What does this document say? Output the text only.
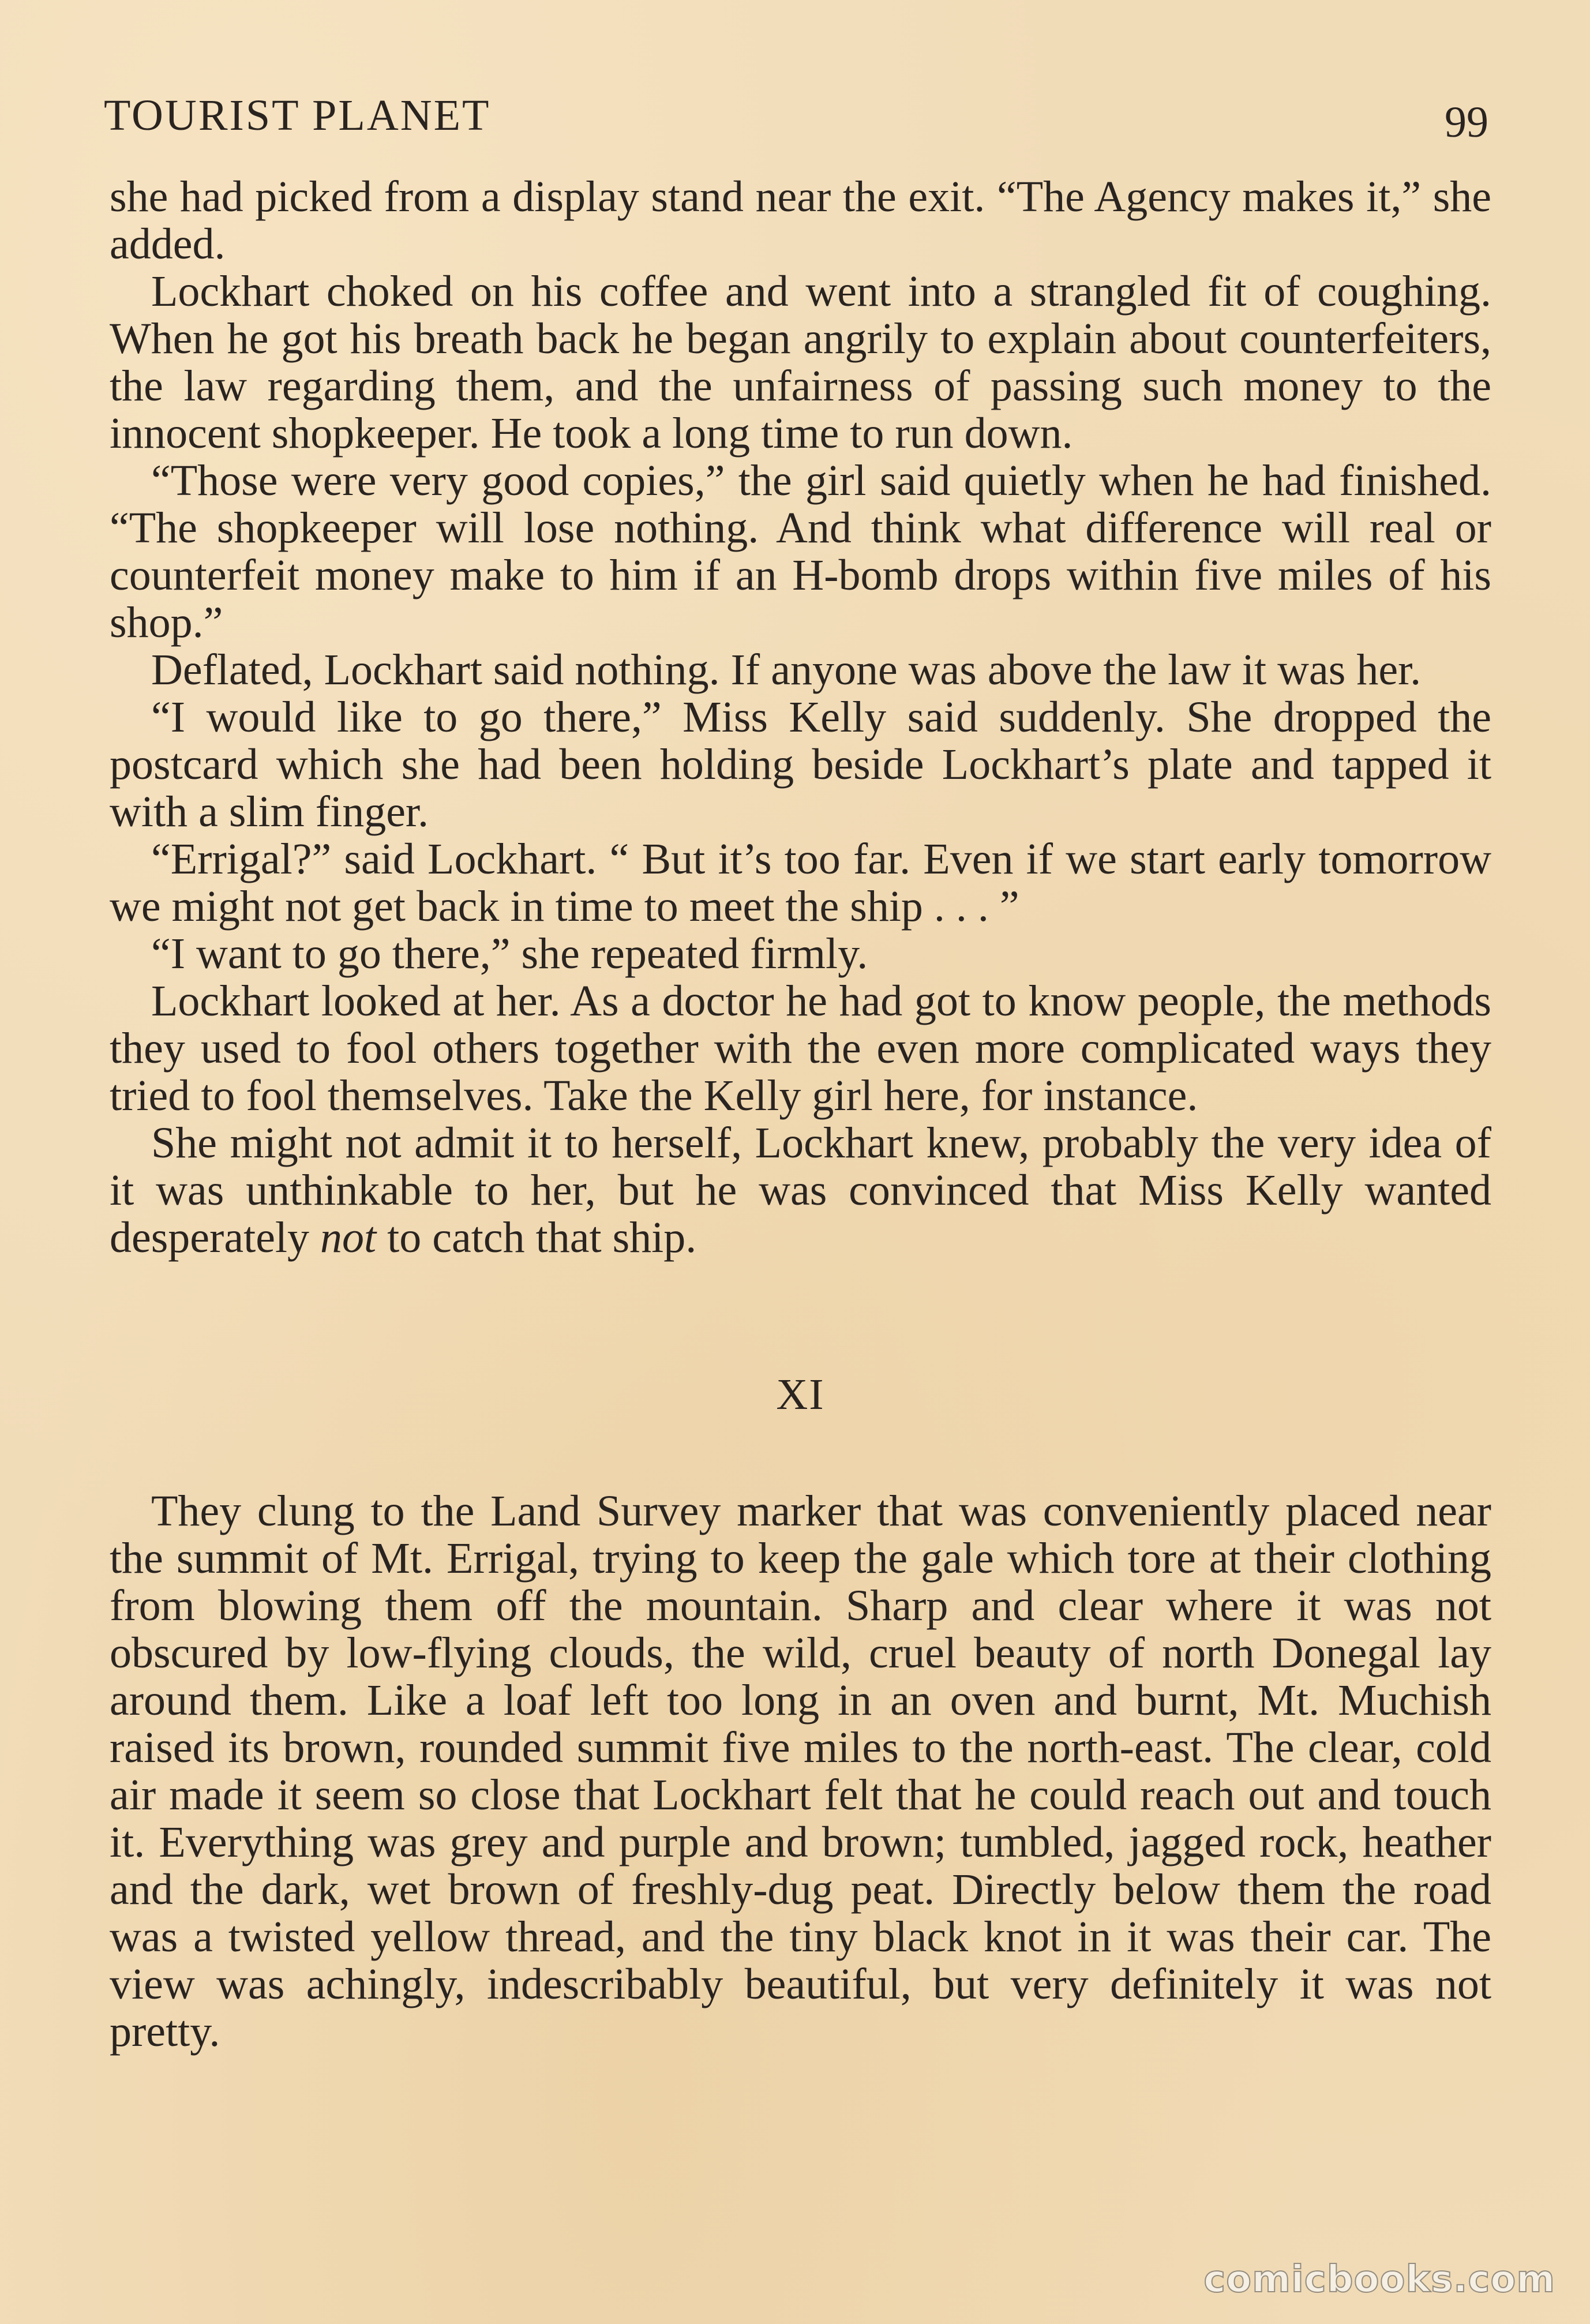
TOURIST PLANET	99

she had picked from a display stand near the exit. “The Agency makes it,” she added.

Lockhart choked on his coffee and went into a strangled fit of coughing. When he got his breath back he began angrily to explain about counterfeiters, the law regarding them, and the unfairness of passing such money to the innocent shopkeeper. He took a long time to run down.

“Those were very good copies,” the girl said quietly when he had finished. “The shopkeeper will lose nothing. And think what difference will real or counterfeit money make to him if an H-bomb drops within five miles of his shop.”

Deflated, Lockhart said nothing. If anyone was above the law it was her.

“I would like to go there,” Miss Kelly said suddenly. She dropped the postcard which she had been holding beside Lockhart’s plate and tapped it with a slim finger.

“Errigal?” said Lockhart. “ But it’s too far. Even if we start early tomorrow we might not get back in time to meet the ship . . . ”

“I want to go there,” she repeated firmly.

Lockhart looked at her. As a doctor he had got to know people, the methods they used to fool others together with the even more complicated ways they tried to fool themselves. Take the Kelly girl here, for instance.

She might not admit it to herself, Lockhart knew, probably the very idea of it was unthinkable to her, but he was convinced that Miss Kelly wanted desperately not to catch that ship.

XI

They clung to the Land Survey marker that was conveniently placed near the summit of Mt. Errigal, trying to keep the gale which tore at their clothing from blowing them off the mountain. Sharp and clear where it was not obscured by low-flying clouds, the wild, cruel beauty of north Donegal lay around them. Like a loaf left too long in an oven and burnt, Mt. Muchish raised its brown, rounded summit five miles to the north-east. The clear, cold air made it seem so close that Lockhart felt that he could reach out and touch it. Everything was grey and purple and brown; tumbled, jagged rock, heather and the dark, wet brown of freshly-dug peat. Directly below them the road was a twisted yellow thread, and the tiny black knot in it was their car. The view was achingly, indescribably beautiful, but very definitely it was not pretty.

comicbooks.com
